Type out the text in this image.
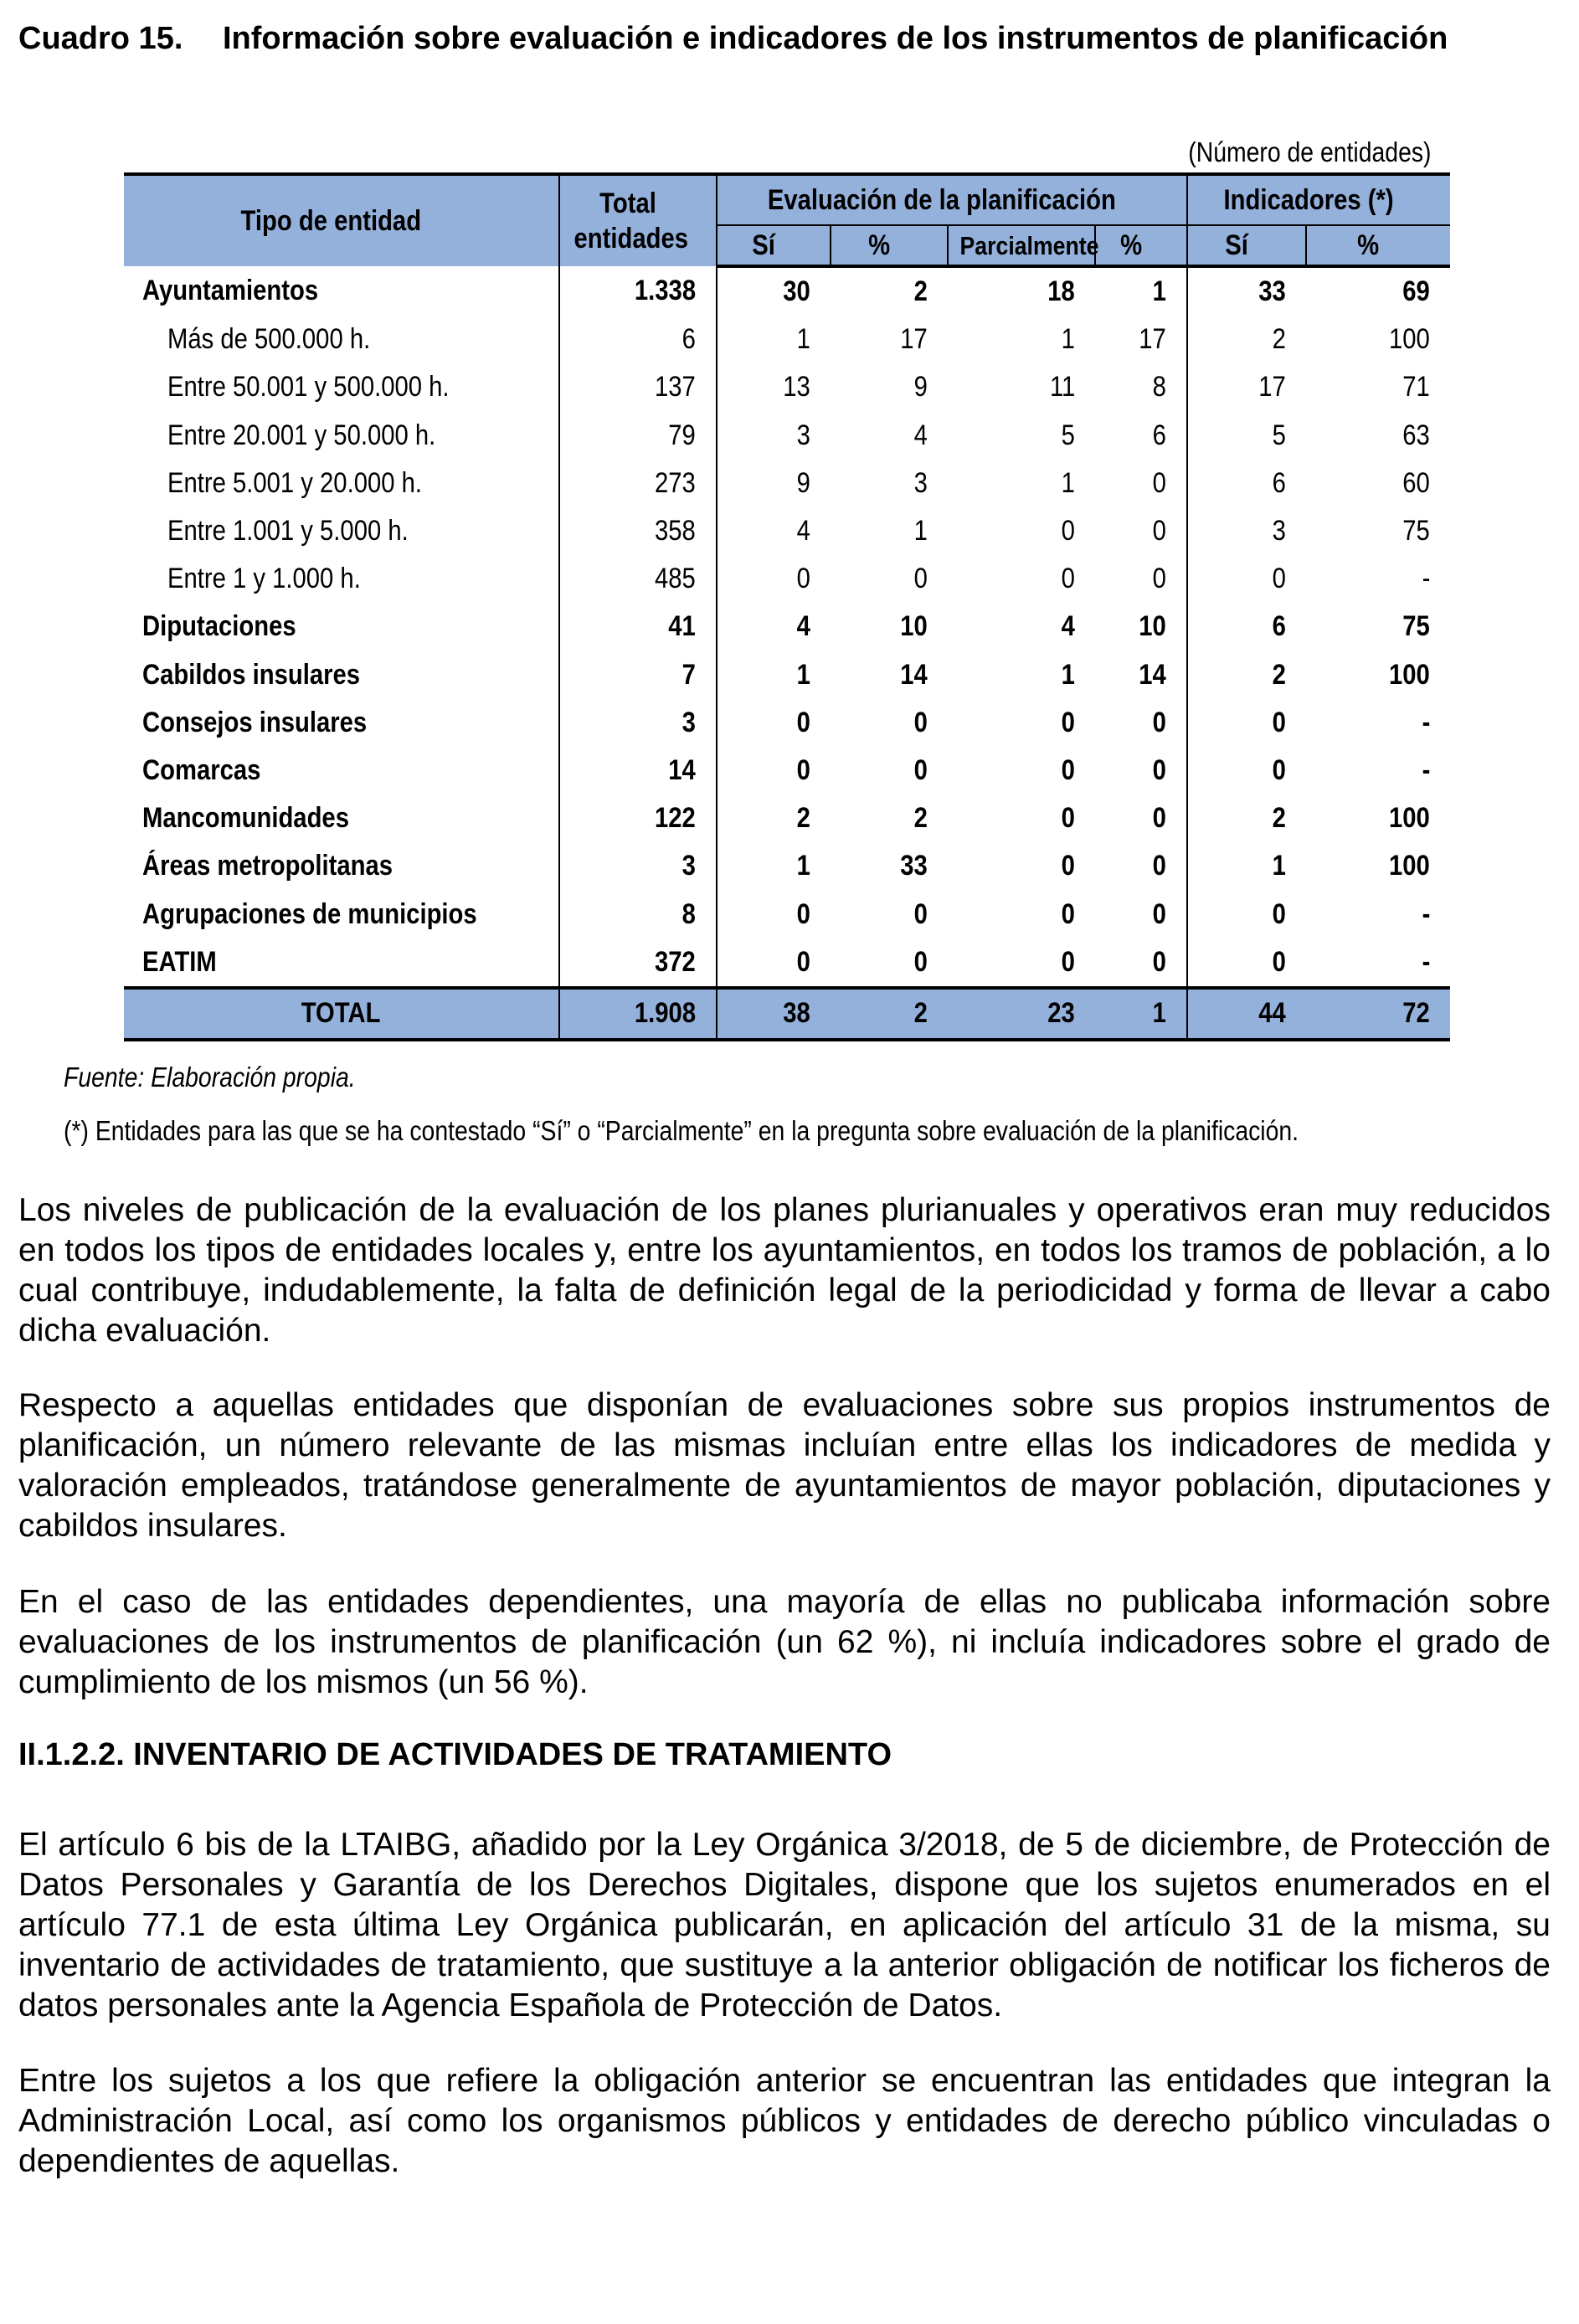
Cuadro 15.	Información sobre evaluación e indicadores de los instrumentos de planificación
(Número de entidades)
Tipo de entidad	Total entidades	Evaluación de la planificación				Indicadores (*)	
		Sí	%	Parcialmente	%	Sí	%
Ayuntamientos	1.338	30	2	18	1	33	69
Más de 500.000 h.	6	1	17	1	17	2	100
Entre 50.001 y 500.000 h.	137	13	9	11	8	17	71
Entre 20.001 y 50.000 h.	79	3	4	5	6	5	63
Entre 5.001 y 20.000 h.	273	9	3	1	0	6	60
Entre 1.001 y 5.000 h.	358	4	1	0	0	3	75
Entre 1 y 1.000 h.	485	0	0	0	0	0	-
Diputaciones	41	4	10	4	10	6	75
Cabildos insulares	7	1	14	1	14	2	100
Consejos insulares	3	0	0	0	0	0	-
Comarcas	14	0	0	0	0	0	-
Mancomunidades	122	2	2	0	0	2	100
Áreas metropolitanas	3	1	33	0	0	1	100
Agrupaciones de municipios	8	0	0	0	0	0	-
EATIM	372	0	0	0	0	0	-
TOTAL	1.908	38	2	23	1	44	72
Fuente: Elaboración propia.
(*) Entidades para las que se ha contestado “Sí” o “Parcialmente” en la pregunta sobre evaluación de la planificación.
Los niveles de publicación de la evaluación de los planes plurianuales y operativos eran muy reducidos en todos los tipos de entidades locales y, entre los ayuntamientos, en todos los tramos de población, a lo cual contribuye, indudablemente, la falta de definición legal de la periodicidad y forma de llevar a cabo dicha evaluación.
Respecto a aquellas entidades que disponían de evaluaciones sobre sus propios instrumentos de planificación, un número relevante de las mismas incluían entre ellas los indicadores de medida y valoración empleados, tratándose generalmente de ayuntamientos de mayor población, diputaciones y cabildos insulares.
En el caso de las entidades dependientes, una mayoría de ellas no publicaba información sobre evaluaciones de los instrumentos de planificación (un 62 %), ni incluía indicadores sobre el grado de cumplimiento de los mismos (un 56 %).
II.1.2.2. INVENTARIO DE ACTIVIDADES DE TRATAMIENTO
El artículo 6 bis de la LTAIBG, añadido por la Ley Orgánica 3/2018, de 5 de diciembre, de Protección de Datos Personales y Garantía de los Derechos Digitales, dispone que los sujetos enumerados en el artículo 77.1 de esta última Ley Orgánica publicarán, en aplicación del artículo 31 de la misma, su inventario de actividades de tratamiento, que sustituye a la anterior obligación de notificar los ficheros de datos personales ante la Agencia Española de Protección de Datos.
Entre los sujetos a los que refiere la obligación anterior se encuentran las entidades que integran la Administración Local, así como los organismos públicos y entidades de derecho público vinculadas o dependientes de aquellas.
